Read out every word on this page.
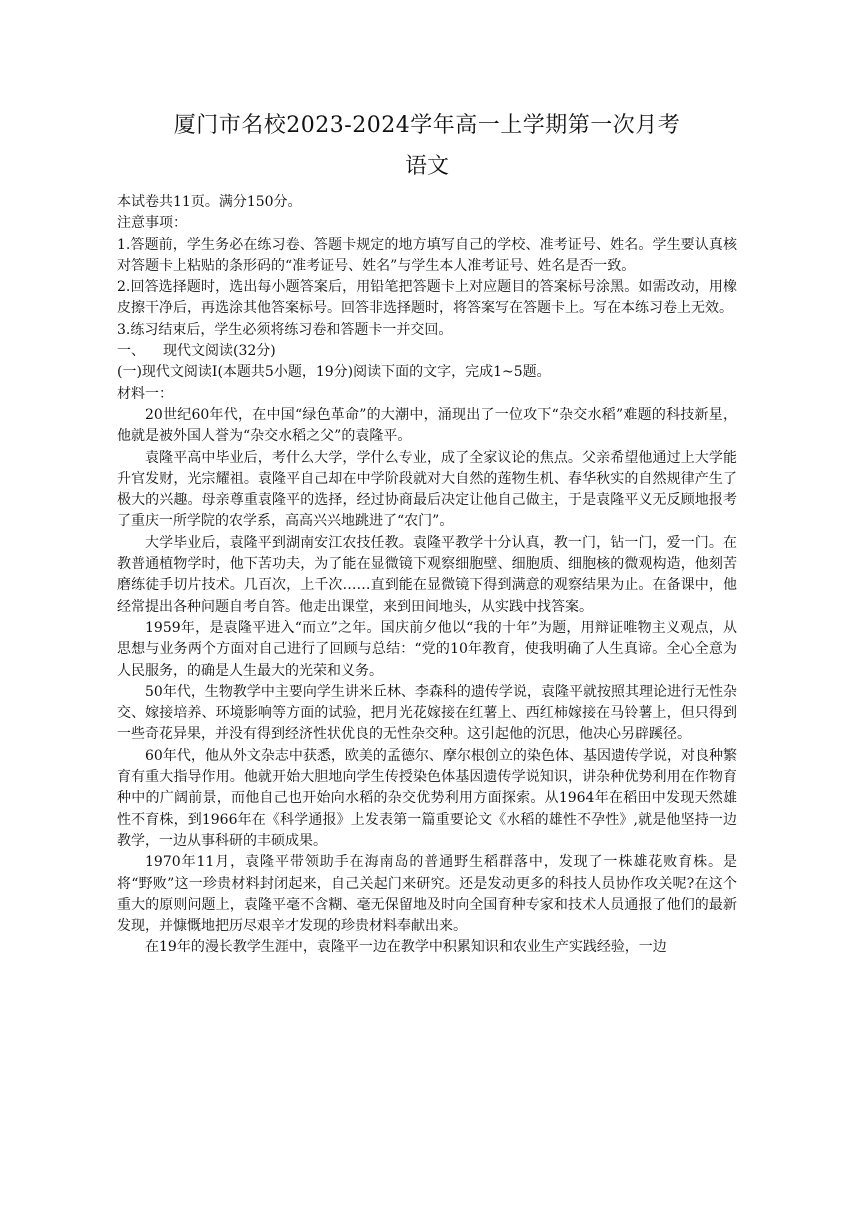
厦门市名校2023-2024学年高一上学期第一次月考
语文

本试卷共11页。满分150分。

注意事项：

1.答题前，学生务必在练习卷、答题卡规定的地方填写自己的学校、准考证号、姓名。学生要认真核对答题卡上粘贴的条形码的“准考证号、姓名”与学生本人准考证号、姓名是否一致。

2.回答选择题时，选出每小题答案后，用铅笔把答题卡上对应题目的答案标号涂黑。如需改动，用橡皮擦干净后，再选涂其他答案标号。回答非选择题时，将答案写在答题卡上。写在本练习卷上无效。

3.练习结束后，学生必须将练习卷和答题卡一并交回。

一、 现代文阅读(32分)

(一)现代文阅读Ⅰ(本题共5小题，19分)阅读下面的文字，完成1~5题。

材料一：

20世纪60年代，在中国“绿色革命”的大潮中，涌现出了一位攻下“杂交水稻”难题的科技新星，他就是被外国人誉为“杂交水稻之父”的袁隆平。

袁隆平高中毕业后，考什么大学，学什么专业，成了全家议论的焦点。父亲希望他通过上大学能升官发财，光宗耀祖。袁隆平自己却在中学阶段就对大自然的莲物生机、春华秋实的自然规律产生了极大的兴趣。母亲尊重袁隆平的选择，经过协商最后决定让他自己做主，于是袁隆平义无反顾地报考了重庆一所学院的农学系，高高兴兴地跳进了“农门”。

大学毕业后，袁隆平到湖南安江农技任教。袁隆平教学十分认真，教一门，钻一门，爱一门。在教普通植物学时，他下苦功夫，为了能在显微镜下观察细胞壁、细胞质、细胞核的微观构造，他刻苦磨练徒手切片技术。几百次，上千次……直到能在显微镜下得到满意的观察结果为止。在备课中，他经常提出各种问题自考自答。他走出课堂，来到田间地头，从实践中找答案。

1959年，是袁隆平进入“而立”之年。国庆前夕他以“我的十年”为题，用辩证唯物主义观点，从思想与业务两个方面对自己进行了回顾与总结：“党的10年教育，使我明确了人生真谛。全心全意为人民服务，的确是人生最大的光荣和义务。

50年代，生物教学中主要向学生讲米丘林、李森科的遗传学说，袁隆平就按照其理论进行无性杂交、嫁接培养、环境影响等方面的试验，把月光花嫁接在红薯上、西红柿嫁接在马铃薯上，但只得到一些奇花异果，并没有得到经济性状优良的无性杂交种。这引起他的沉思，他决心另辟蹊径。

60年代，他从外文杂志中获悉，欧美的孟德尔、摩尔根创立的染色体、基因遗传学说，对良种繁育有重大指导作用。他就开始大胆地向学生传授染色体基因遗传学说知识，讲杂种优势利用在作物育种中的广阔前景，而他自己也开始向水稻的杂交优势利用方面探索。从1964年在稻田中发现天然雄性不育株，到1966年在《科学通报》上发表第一篇重要论文《水稻的雄性不孕性》,就是他坚持一边教学，一边从事科研的丰硕成果。

1970年11月，袁隆平带领助手在海南岛的普通野生稻群落中，发现了一株雄花败育株。是将“野败”这一珍贵材料封闭起来，自己关起门来研究。还是发动更多的科技人员协作攻关呢?在这个重大的原则问题上，袁隆平毫不含糊、毫无保留地及时向全国育种专家和技术人员通报了他们的最新发现，并慷慨地把历尽艰辛才发现的珍贵材料奉献出来。

在19年的漫长教学生涯中，袁隆平一边在教学中积累知识和农业生产实践经验，一边
